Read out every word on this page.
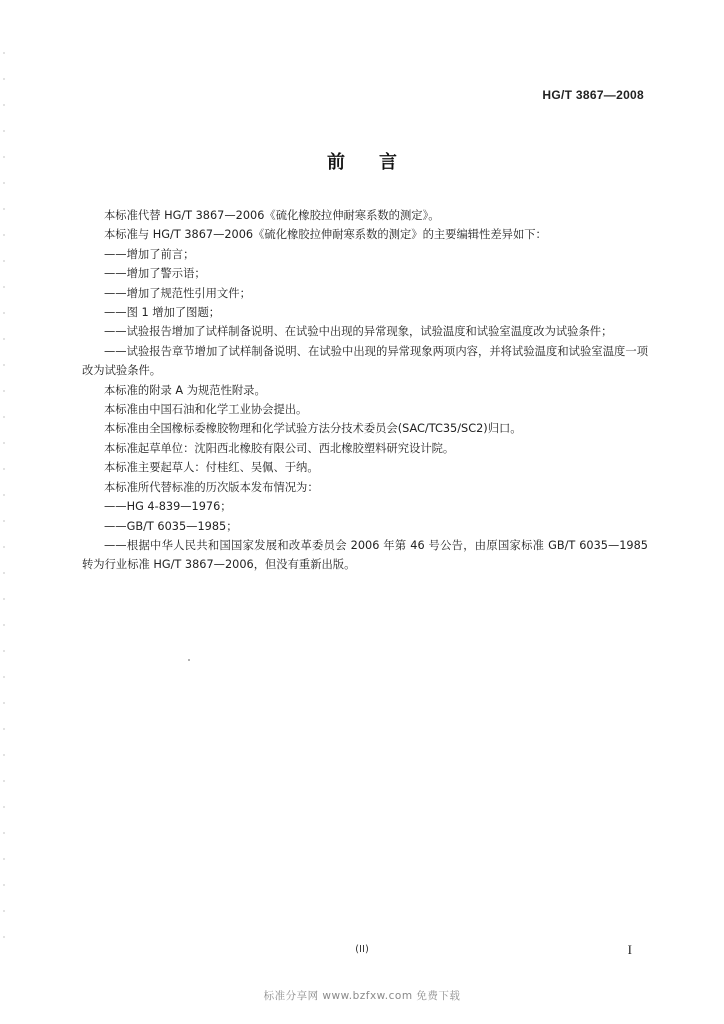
HG/T 3867—2008
前言

本标准代替 HG/T 3867—2006《硫化橡胶拉伸耐寒系数的测定》。

本标准与 HG/T 3867—2006《硫化橡胶拉伸耐寒系数的测定》的主要编辑性差异如下：

——增加了前言；

——增加了警示语；

——增加了规范性引用文件；

——图 1 增加了图题；

——试验报告增加了试样制备说明、在试验中出现的异常现象，试验温度和试验室温度改为试验条件；

——试验报告章节增加了试样制备说明、在试验中出现的异常现象两项内容，并将试验温度和试验室温度一项改为试验条件。

本标准的附录 A 为规范性附录。

本标准由中国石油和化学工业协会提出。

本标准由全国橡标委橡胶物理和化学试验方法分技术委员会(SAC/TC35/SC2)归口。

本标准起草单位：沈阳西北橡胶有限公司、西北橡胶塑料研究设计院。

本标准主要起草人：付桂红、吴佩、于纳。

本标准所代替标准的历次版本发布情况为：

——HG 4-839—1976；

——GB/T 6035—1985；

——根据中华人民共和国国家发展和改革委员会 2006 年第 46 号公告，由原国家标准 GB/T 6035—1985 转为行业标准 HG/T 3867—2006，但没有重新出版。

(II)	I
标准分享网 www.bzfxw.com 免费下载
